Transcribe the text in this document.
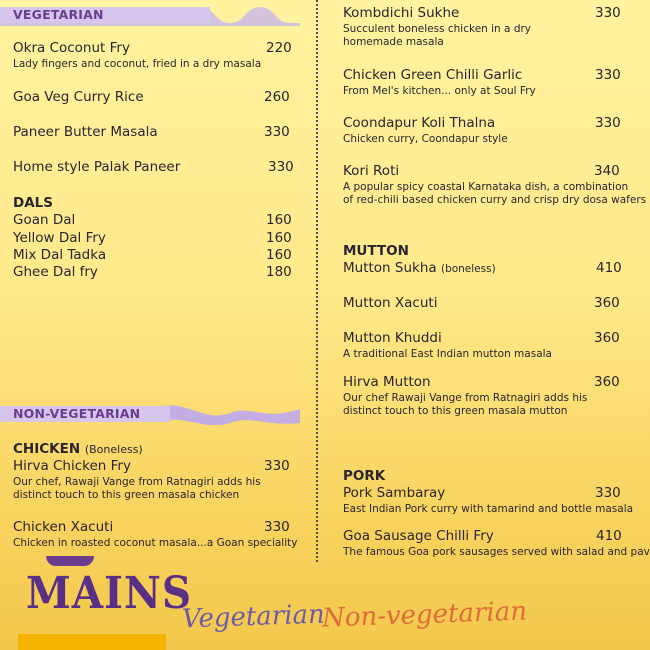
VEGETARIAN
Okra Coconut Fry	220
Lady fingers and coconut, fried in a dry masala
Goa Veg Curry Rice	260
Paneer Butter Masala	330
Home style Palak Paneer	330
DALS
Goan Dal	160
Yellow Dal Fry	160
Mix Dal Tadka	160
Ghee Dal fry	180
NON-VEGETARIAN
CHICKEN (Boneless)
Hirva Chicken Fry	330
Our chef, Rawaji Vange from Ratnagiri adds his
distinct touch to this green masala chicken
Chicken Xacuti	330
Chicken in roasted coconut masala...a Goan speciality
Kombdichi Sukhe	330
Succulent boneless chicken in a dry
homemade masala
Chicken Green Chilli Garlic	330
From Mel's kitchen... only at Soul Fry
Coondapur Koli Thalna	330
Chicken curry, Coondapur style
Kori Roti	340
A popular spicy coastal Karnataka dish, a combination
of red-chili based chicken curry and crisp dry dosa wafers
MUTTON
Mutton Sukha (boneless)	410
Mutton Xacuti	360
Mutton Khuddi	360
A traditional East Indian mutton masala
Hirva Mutton	360
Our chef Rawaji Vange from Ratnagiri adds his
distinct touch to this green masala mutton
PORK
Pork Sambaray	330
East Indian Pork curry with tamarind and bottle masala
Goa Sausage Chilli Fry	410
The famous Goa pork sausages served with salad and pav
MAINS
Vegetarian
Non-vegetarian
